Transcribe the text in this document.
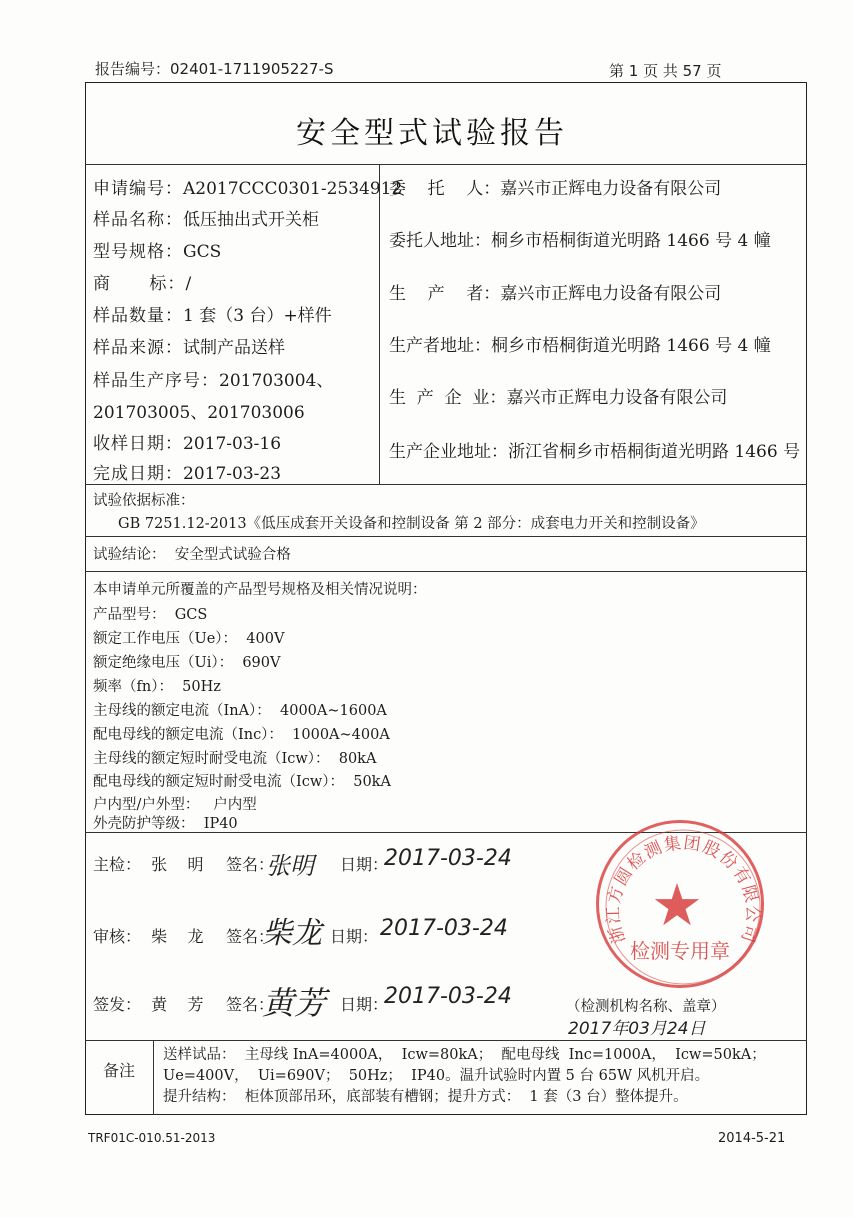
报告编号：02401-1711905227-S	第 1 页 共 57 页
安全型式试验报告
申请编号：A2017CCC0301-2534912
样品名称：低压抽出式开关柜
型号规格：GCS
商      标：/
样品数量：1 套（3 台）+样件
样品来源：试制产品送样
样品生产序号：201703004、
201703005、201703006
收样日期：2017-03-16
完成日期：2017-03-23
委    托    人：嘉兴市正辉电力设备有限公司
委托人地址：桐乡市梧桐街道光明路 1466 号 4 幢
生    产    者：嘉兴市正辉电力设备有限公司
生产者地址：桐乡市梧桐街道光明路 1466 号 4 幢
生  产  企  业：嘉兴市正辉电力设备有限公司
生产企业地址：浙江省桐乡市梧桐街道光明路 1466 号
试验依据标准：
GB 7251.12-2013《低压成套开关设备和控制设备 第 2 部分：成套电力开关和控制设备》
试验结论：  安全型式试验合格
本申请单元所覆盖的产品型号规格及相关情况说明：
产品型号：  GCS
额定工作电压（Ue）：  400V
额定绝缘电压（Ui）：  690V
频率（fn）：  50Hz
主母线的额定电流（InA）：  4000A~1600A
配电母线的额定电流（Inc）：  1000A~400A
主母线的额定短时耐受电流（Icw）：  80kA
配电母线的额定短时耐受电流（Icw）：  50kA
户内型/户外型：   户内型
外壳防护等级：  IP40
浙江方圆检测集团股份有限公司
★
检测专用章
主检：  张    明 签名：
张明 日期：
2017-03-24
审核：  柴    龙 签名：
柴龙 日期： 2017-03-24
签发：  黄    芳 签名：
黄芳 日期：
2017-03-24	（检测机构名称、盖章）
2017年03月24日
备注
送样试品：  主母线 InA=4000A，  Icw=80kA；  配电母线  Inc=1000A，  Icw=50kA；
Ue=400V，  Ui=690V；  50Hz；  IP40。温升试验时内置 5 台 65W 风机开启。
提升结构：  柜体顶部吊环，底部装有槽钢；提升方式：  1 套（3 台）整体提升。
TRF01C-010.51-2013	2014-5-21
